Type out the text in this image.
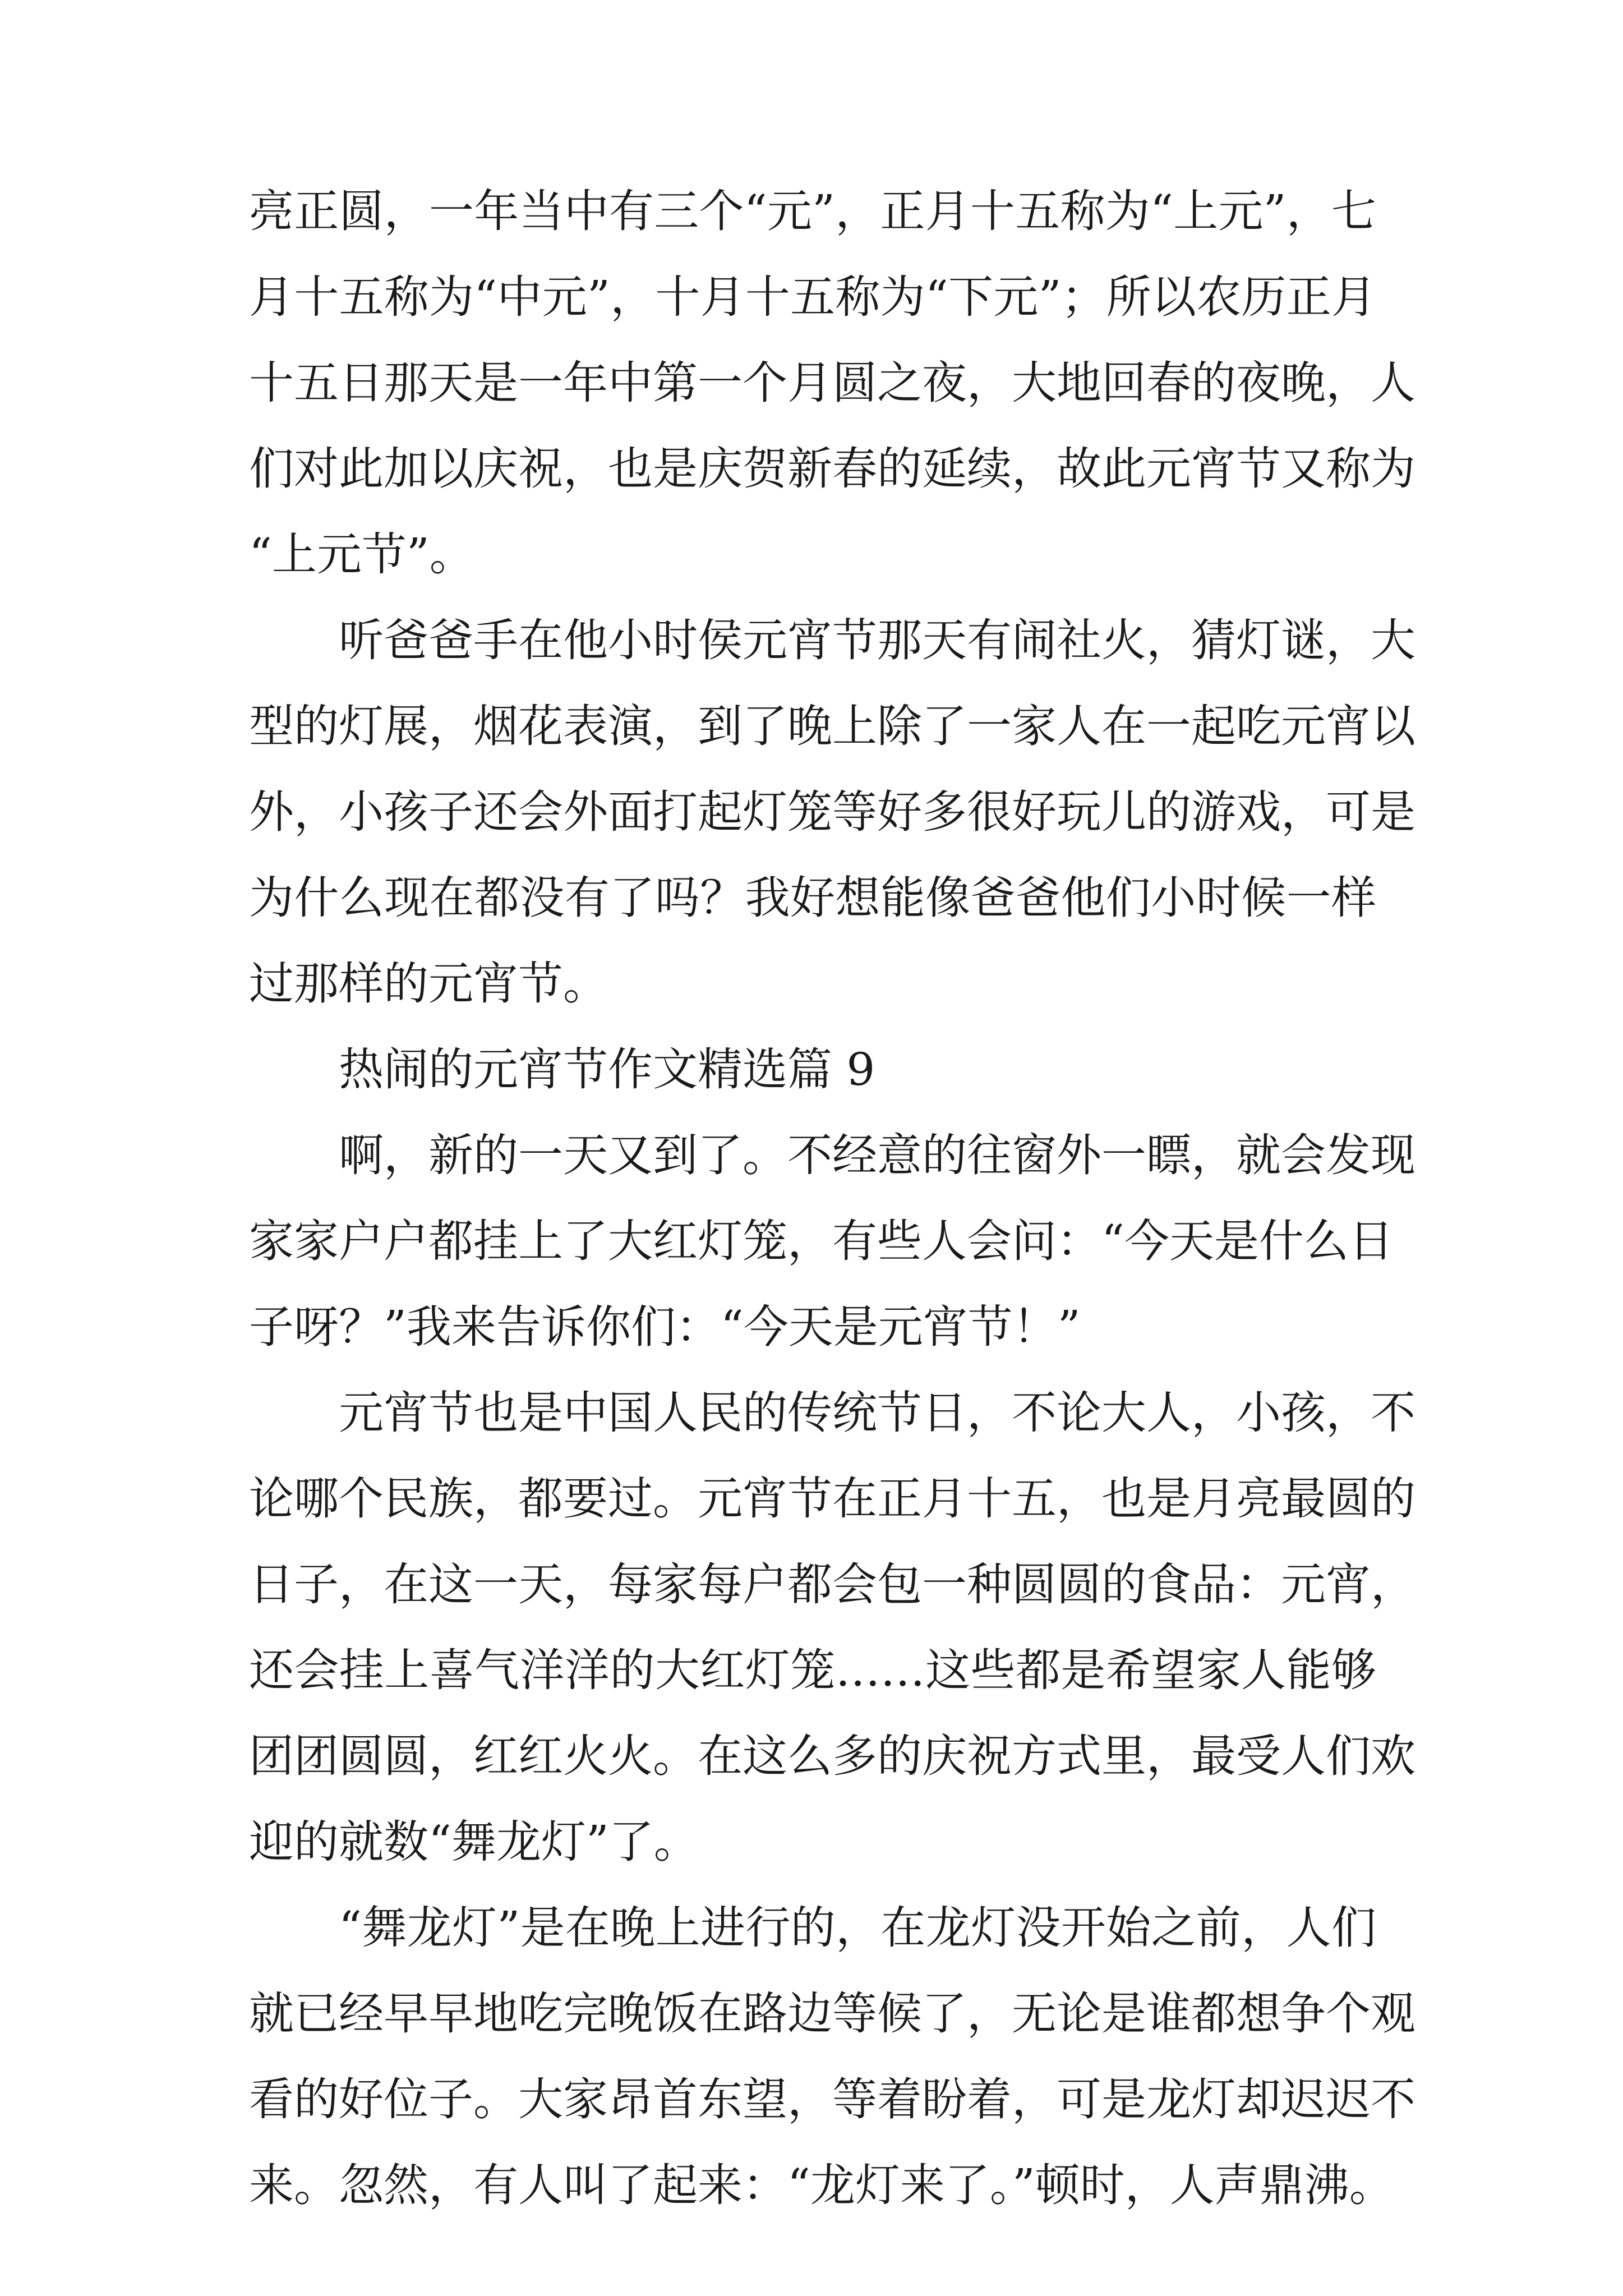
亮正圆，一年当中有三个“元”，正月十五称为“上元”，七
月十五称为“中元”，十月十五称为“下元”；所以农历正月
十五日那天是一年中第一个月圆之夜，大地回春的夜晚，人
们对此加以庆祝，也是庆贺新春的延续，故此元宵节又称为
“上元节”。
听爸爸手在他小时侯元宵节那天有闹社火，猜灯谜，大
型的灯展，烟花表演，到了晚上除了一家人在一起吃元宵以
外，小孩子还会外面打起灯笼等好多很好玩儿的游戏，可是
为什么现在都没有了吗？我好想能像爸爸他们小时候一样
过那样的元宵节。
热闹的元宵节作文精选篇 9
啊，新的一天又到了。不经意的往窗外一瞟，就会发现
家家户户都挂上了大红灯笼，有些人会问：“今天是什么日
子呀？”我来告诉你们：“今天是元宵节！”
元宵节也是中国人民的传统节日，不论大人，小孩，不
论哪个民族，都要过。元宵节在正月十五，也是月亮最圆的
日子，在这一天，每家每户都会包一种圆圆的食品：元宵，
还会挂上喜气洋洋的大红灯笼……这些都是希望家人能够
团团圆圆，红红火火。在这么多的庆祝方式里，最受人们欢
迎的就数“舞龙灯”了。
“舞龙灯”是在晚上进行的，在龙灯没开始之前，人们
就已经早早地吃完晚饭在路边等候了，无论是谁都想争个观
看的好位子。大家昂首东望，等着盼着，可是龙灯却迟迟不
来。忽然，有人叫了起来：“龙灯来了。”顿时，人声鼎沸。
